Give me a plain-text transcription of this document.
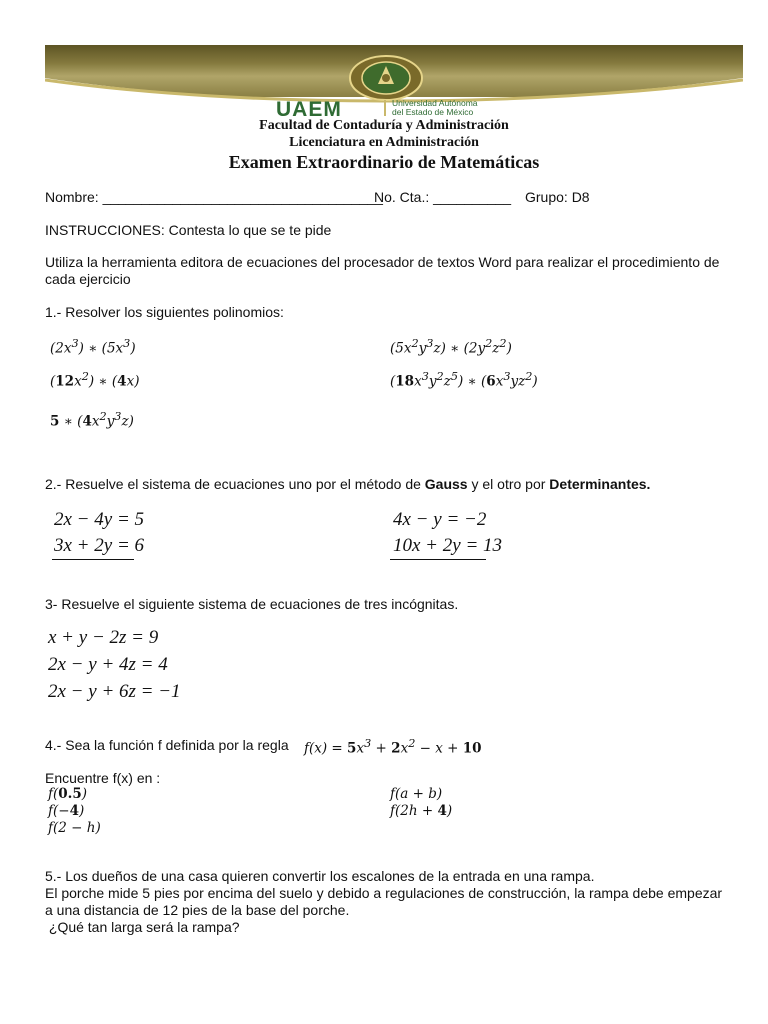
UAEM	Universidad Autónoma
del Estado de México
Facultad de Contaduría y Administración
Licenciatura en Administración
Examen Extraordinario de Matemáticas
Nombre: ____________________________________
No. Cta.: __________ Grupo: D8
INSTRUCCIONES: Contesta lo que se te pide
Utiliza la herramienta editora de ecuaciones del procesador de textos Word para realizar el procedimiento de cada ejercicio
1.- Resolver los siguientes polinomios:
$(2x^3)$ ∗ $(5x^3)$	$(5x^2y^3z)$ ∗ $(2y^2z^2)$
$(12x^2)$ ∗ (4x)	$(18x^3y^2z^5)$ ∗ $(6x^3yz^2)$
5 ∗ $(4x^2y^3z)$
2.- Resuelve el sistema de ecuaciones uno por el método de Gauss y el otro por Determinantes.
2x − 4y = 5
3x + 2y = 6
4x − y = −2
10x + 2y = 13
3- Resuelve el siguiente sistema de ecuaciones de tres incógnitas.
x + y − 2z = 9
2x − y + 4z = 4
2x − y + 6z = −1
4.- Sea la función f definida por la regla $f(x) = 5x^3 + 2x^2 - x + 10$
Encuentre f(x) en :
f(0.5)
f(−4)
f(2 − h)
f(a + b)
f(2h + 4)
5.- Los dueños de una casa quieren convertir los escalones de la entrada en una rampa.
El porche mide 5 pies por encima del suelo y debido a regulaciones de construcción, la rampa debe empezar
a una distancia de 12 pies de la base del porche.
¿Qué tan larga será la rampa?
